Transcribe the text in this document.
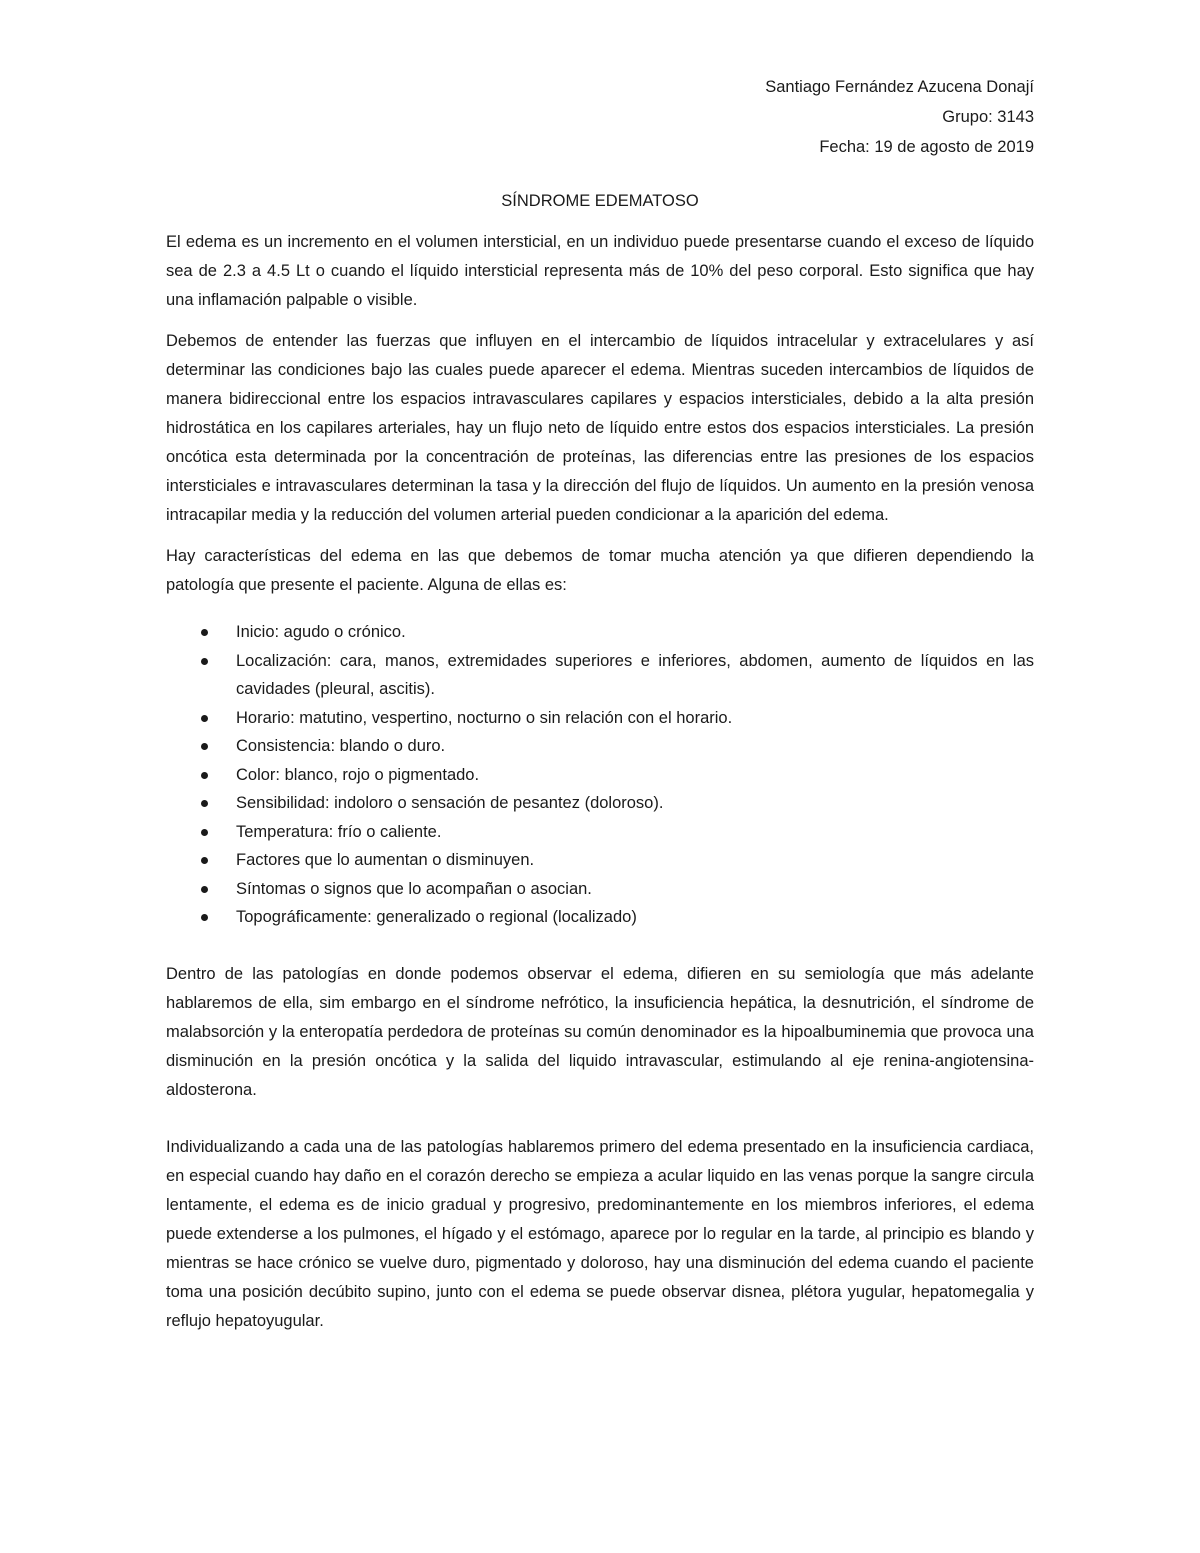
Santiago Fernández Azucena Donají
Grupo: 3143
Fecha: 19 de agosto de 2019
SÍNDROME EDEMATOSO

El edema es un incremento en el volumen intersticial, en un individuo puede presentarse cuando el exceso de líquido sea de 2.3 a 4.5 Lt o cuando el líquido intersticial representa más de 10% del peso corporal. Esto significa que hay una inflamación palpable o visible.

Debemos de entender las fuerzas que influyen en el intercambio de líquidos intracelular y extracelulares y así determinar las condiciones bajo las cuales puede aparecer el edema. Mientras suceden intercambios de líquidos de manera bidireccional entre los espacios intravasculares capilares y espacios intersticiales, debido a la alta presión hidrostática en los capilares arteriales, hay un flujo neto de líquido entre estos dos espacios intersticiales. La presión oncótica esta determinada por la concentración de proteínas, las diferencias entre las presiones de los espacios intersticiales e intravasculares determinan la tasa y la dirección del flujo de líquidos. Un aumento en la presión venosa intracapilar media y la reducción del volumen arterial pueden condicionar a la aparición del edema.

Hay características del edema en las que debemos de tomar mucha atención ya que difieren dependiendo la patología que presente el paciente. Alguna de ellas es:

Inicio: agudo o crónico.
Localización: cara, manos, extremidades superiores e inferiores, abdomen, aumento de líquidos en las cavidades (pleural, ascitis).
Horario: matutino, vespertino, nocturno o sin relación con el horario.
Consistencia: blando o duro.
Color: blanco, rojo o pigmentado.
Sensibilidad: indoloro o sensación de pesantez (doloroso).
Temperatura: frío o caliente.
Factores que lo aumentan o disminuyen.
Síntomas o signos que lo acompañan o asocian.
Topográficamente: generalizado o regional (localizado)

Dentro de las patologías en donde podemos observar el edema, difieren en su semiología que más adelante hablaremos de ella, sim embargo en el síndrome nefrótico, la insuficiencia hepática, la desnutrición, el síndrome de malabsorción y la enteropatía perdedora de proteínas su común denominador es la hipoalbuminemia que provoca una disminución en la presión oncótica y la salida del liquido intravascular, estimulando al eje renina-angiotensina-aldosterona.

Individualizando a cada una de las patologías hablaremos primero del edema presentado en la insuficiencia cardiaca, en especial cuando hay daño en el corazón derecho se empieza a acular liquido en las venas porque la sangre circula lentamente, el edema es de inicio gradual y progresivo, predominantemente en los miembros inferiores, el edema puede extenderse a los pulmones, el hígado y el estómago, aparece por lo regular en la tarde, al principio es blando y mientras se hace crónico se vuelve duro, pigmentado y doloroso, hay una disminución del edema cuando el paciente toma una posición decúbito supino, junto con el edema se puede observar disnea, plétora yugular, hepatomegalia y reflujo hepatoyugular.
